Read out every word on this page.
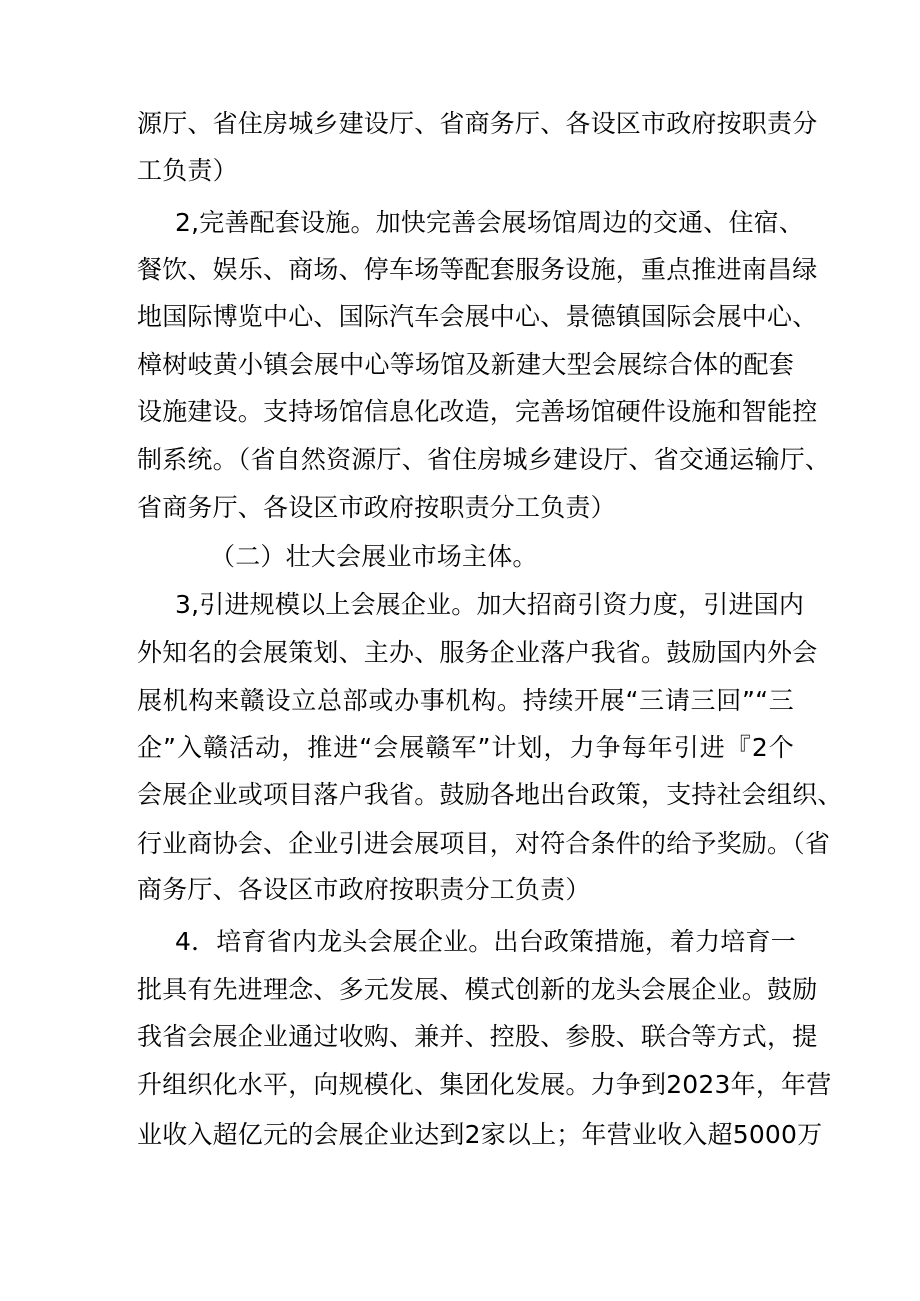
源厅、省住房城乡建设厅、省商务厅、各设区市政府按职责分
工负责）
2,完善配套设施。加快完善会展场馆周边的交通、住宿、
餐饮、娱乐、商场、停车场等配套服务设施，重点推进南昌绿
地国际博览中心、国际汽车会展中心、景德镇国际会展中心、
樟树岐黄小镇会展中心等场馆及新建大型会展综合体的配套
设施建设。支持场馆信息化改造，完善场馆硬件设施和智能控
制系统。（省自然资源厅、省住房城乡建设厅、省交通运输厅、
省商务厅、各设区市政府按职责分工负责）
（二）壮大会展业市场主体。
3,引进规模以上会展企业。加大招商引资力度，引进国内
外知名的会展策划、主办、服务企业落户我省。鼓励国内外会
展机构来赣设立总部或办事机构。持续开展“三请三回”“三
企”入赣活动，推进“会展赣军”计划，力争每年引进『2个
会展企业或项目落户我省。鼓励各地出台政策，支持社会组织、
行业商协会、企业引进会展项目，对符合条件的给予奖励。（省
商务厅、各设区市政府按职责分工负责）
4．培育省内龙头会展企业。出台政策措施，着力培育一
批具有先进理念、多元发展、模式创新的龙头会展企业。鼓励
我省会展企业通过收购、兼并、控股、参股、联合等方式，提
升组织化水平，向规模化、集团化发展。力争到2023年，年营
业收入超亿元的会展企业达到2家以上；年营业收入超5000万
